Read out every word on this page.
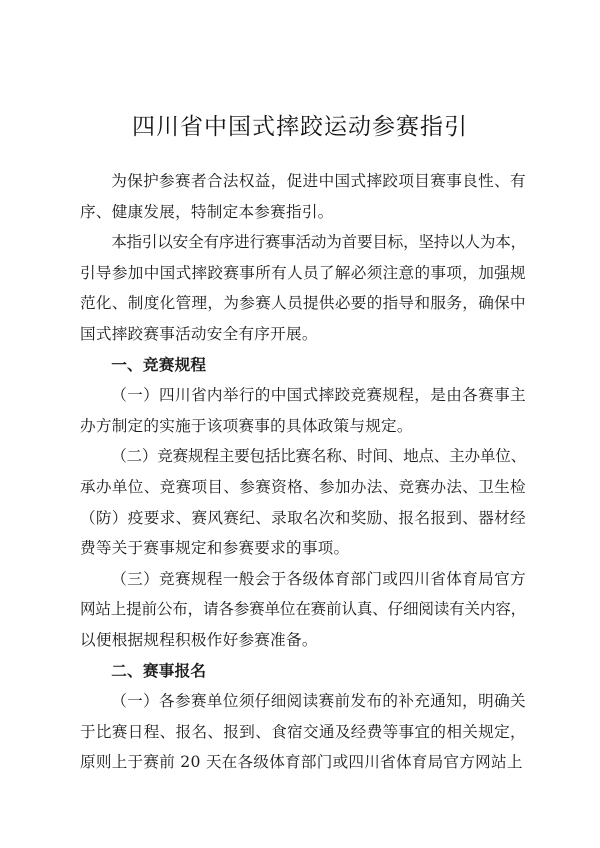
四川省中国式摔跤运动参赛指引
为保护参赛者合法权益，促进中国式摔跤项目赛事良性、有
序、健康发展，特制定本参赛指引。
本指引以安全有序进行赛事活动为首要目标，坚持以人为本，
引导参加中国式摔跤赛事所有人员了解必须注意的事项，加强规
范化、制度化管理，为参赛人员提供必要的指导和服务，确保中
国式摔跤赛事活动安全有序开展。
一、竞赛规程
（一）四川省内举行的中国式摔跤竞赛规程，是由各赛事主
办方制定的实施于该项赛事的具体政策与规定。
（二）竞赛规程主要包括比赛名称、时间、地点、主办单位、
承办单位、竞赛项目、参赛资格、参加办法、竞赛办法、卫生检
（防）疫要求、赛风赛纪、录取名次和奖励、报名报到、器材经
费等关于赛事规定和参赛要求的事项。
（三）竞赛规程一般会于各级体育部门或四川省体育局官方
网站上提前公布，请各参赛单位在赛前认真、仔细阅读有关内容，
以便根据规程积极作好参赛准备。
二、赛事报名
（一）各参赛单位须仔细阅读赛前发布的补充通知，明确关
于比赛日程、报名、报到、食宿交通及经费等事宜的相关规定，
原则上于赛前 20 天在各级体育部门或四川省体育局官方网站上
